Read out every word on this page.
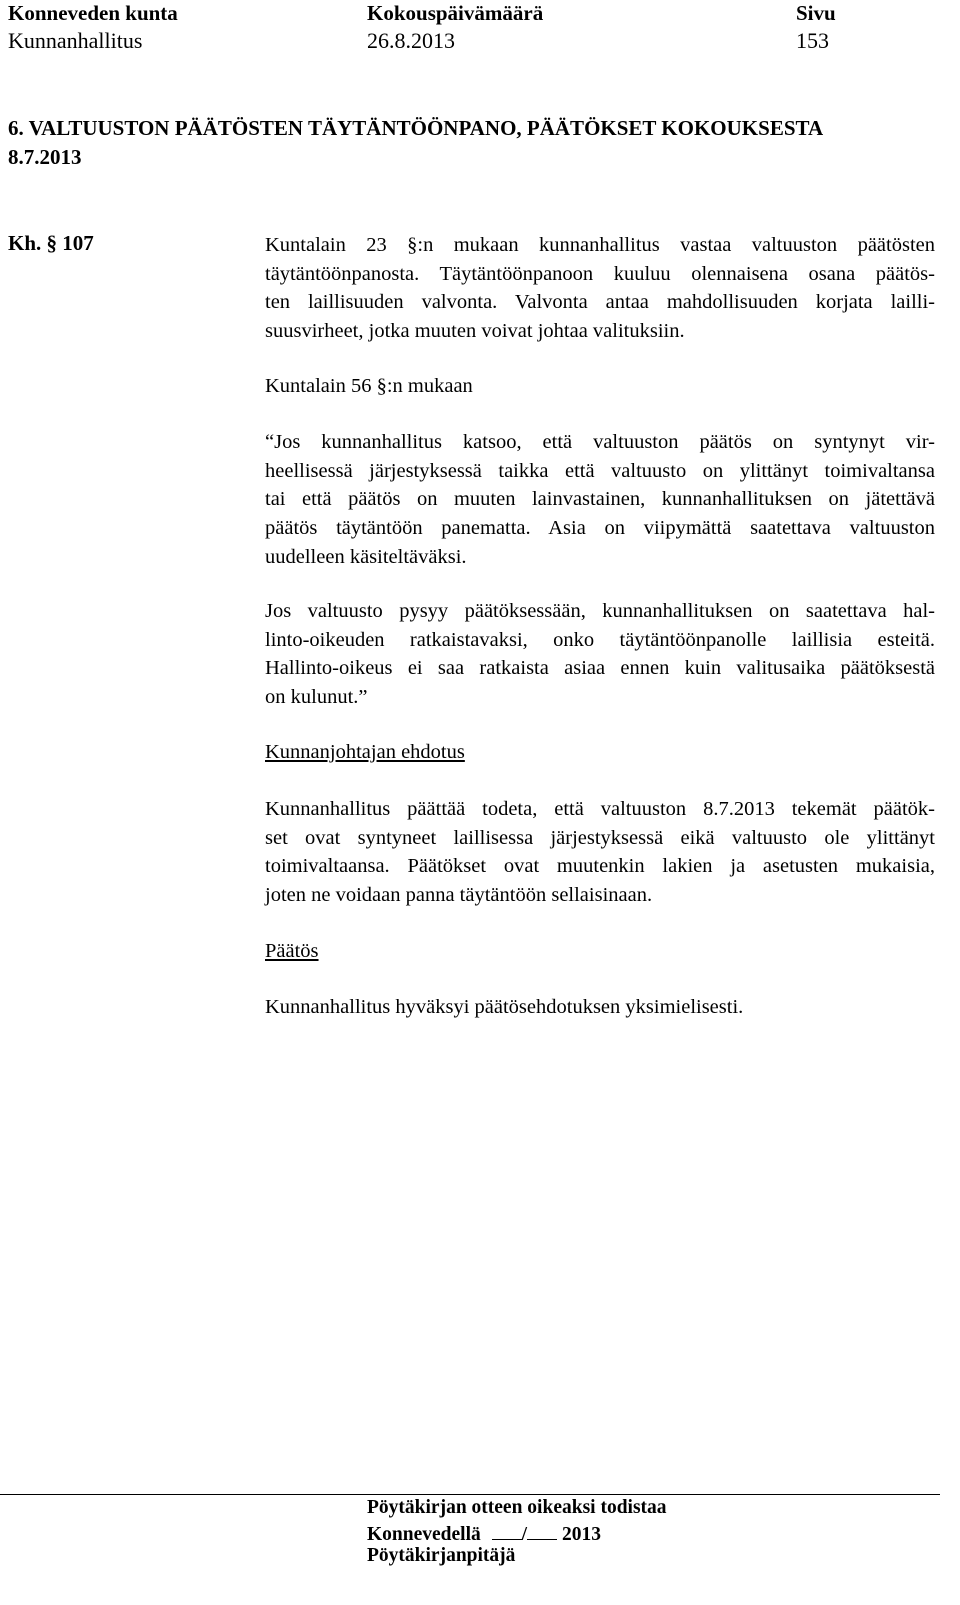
Konneveden kunta
Kunnanhallitus
Kokouspäivämäärä
26.8.2013
Sivu
153
6. VALTUUSTON PÄÄTÖSTEN TÄYTÄNTÖÖNPANO, PÄÄTÖKSET KOKOUKSESTA
8.7.2013
Kh. § 107	Kuntalain 23 §:n mukaan kunnanhallitus vastaa valtuuston päätösten
täytäntöönpanosta. Täytäntöönpanoon kuuluu olennaisena osana päätös-
ten laillisuuden valvonta. Valvonta antaa mahdollisuuden korjata lailli-
suusvirheet, jotka muuten voivat johtaa valituksiin.
Kuntalain 56 §:n mukaan
“Jos kunnanhallitus katsoo, että valtuuston päätös on syntynyt vir-
heellisessä järjestyksessä taikka että valtuusto on ylittänyt toimivaltansa
tai että päätös on muuten lainvastainen, kunnanhallituksen on jätettävä
päätös täytäntöön panematta. Asia on viipymättä saatettava valtuuston
uudelleen käsiteltäväksi.
Jos valtuusto pysyy päätöksessään, kunnanhallituksen on saatettava hal-
linto-oikeuden ratkaistavaksi, onko täytäntöönpanolle laillisia esteitä.
Hallinto-oikeus ei saa ratkaista asiaa ennen kuin valitusaika päätöksestä
on kulunut.”
Kunnanjohtajan ehdotus
Kunnanhallitus päättää todeta, että valtuuston 8.7.2013 tekemät päätök-
set ovat syntyneet laillisessa järjestyksessä eikä valtuusto ole ylittänyt
toimivaltaansa. Päätökset ovat muutenkin lakien ja asetusten mukaisia,
joten ne voidaan panna täytäntöön sellaisinaan.
Päätös
Kunnanhallitus hyväksyi päätösehdotuksen yksimielisesti.
Pöytäkirjan otteen oikeaksi todistaa
Konnevedellä / 2013
Pöytäkirjanpitäjä
